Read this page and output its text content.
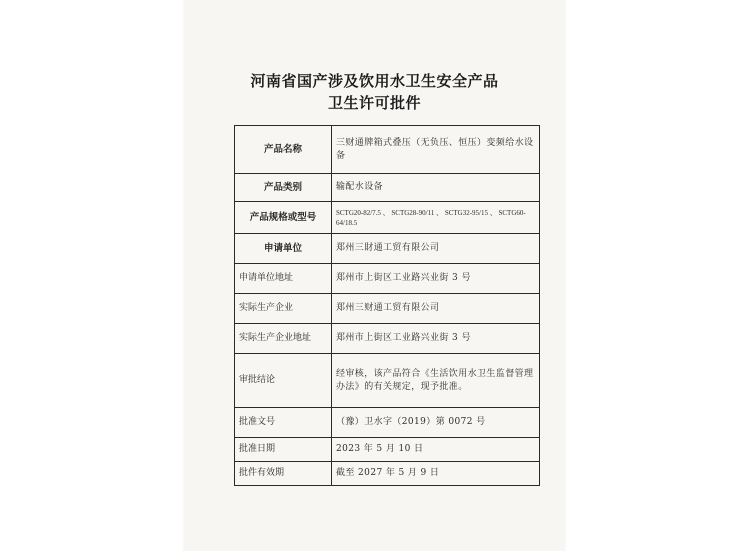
河南省国产涉及饮用水卫生安全产品
卫生许可批件
产品名称	三财通牌箱式叠压（无负压、恒压）变频给水设备
产品类别	输配水设备
产品规格或型号	SCTG20-82/7.5 、 SCTG28-90/11 、 SCTG32-95/15 、 SCTG60-64/18.5
申请单位	郑州三財通工贸有限公司
申请单位地址	郑州市上街区工业路兴业街 3 号
实际生产企业	郑州三财通工贸有限公司
实际生产企业地址	郑州市上街区工业路兴业街 3 号
审批结论	经审核，该产品符合《生活饮用水卫生监督管理办法》的有关规定，现予批准。
批准文号	（豫）卫水字（2019）第 0072 号
批准日期	2023 年 5 月 10 日
批件有效期	截至 2027 年 5 月 9 日
